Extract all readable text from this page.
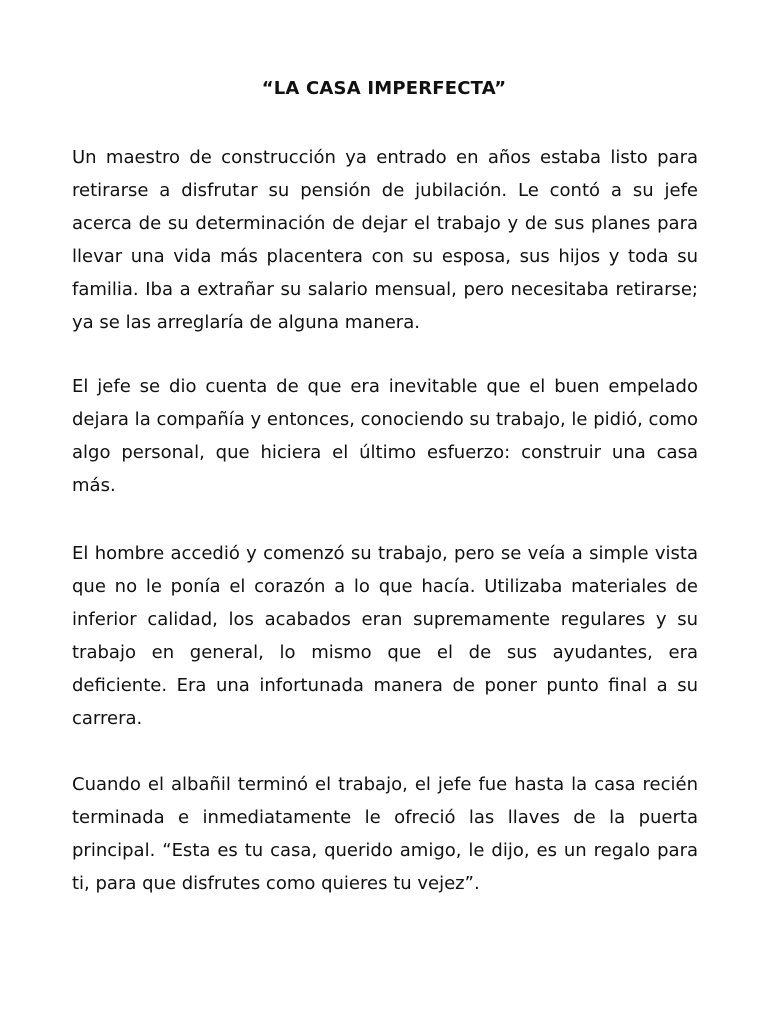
“LA CASA IMPERFECTA”

Un maestro de construcción ya entrado en años estaba listo para retirarse a disfrutar su pensión de jubilación. Le contó a su jefe acerca de su determinación de dejar el trabajo y de sus planes para llevar una vida más placentera con su esposa, sus hijos y toda su familia. Iba a extrañar su salario mensual, pero necesitaba retirarse; ya se las arreglaría de alguna manera.

El jefe se dio cuenta de que era inevitable que el buen empelado dejara la compañía y entonces, conociendo su trabajo, le pidió, como algo personal, que hiciera el último esfuerzo: construir una casa más.

El hombre accedió y comenzó su trabajo, pero se veía a simple vista que no le ponía el corazón a lo que hacía. Utilizaba materiales de inferior calidad, los acabados eran supremamente regulares y su trabajo en general, lo mismo que el de sus ayudantes, era deficiente. Era una infortunada manera de poner punto final a su carrera.

Cuando el albañil terminó el trabajo, el jefe fue hasta la casa recién terminada e inmediatamente le ofreció las llaves de la puerta principal. “Esta es tu casa, querido amigo, le dijo, es un regalo para ti, para que disfrutes como quieres tu vejez”.
